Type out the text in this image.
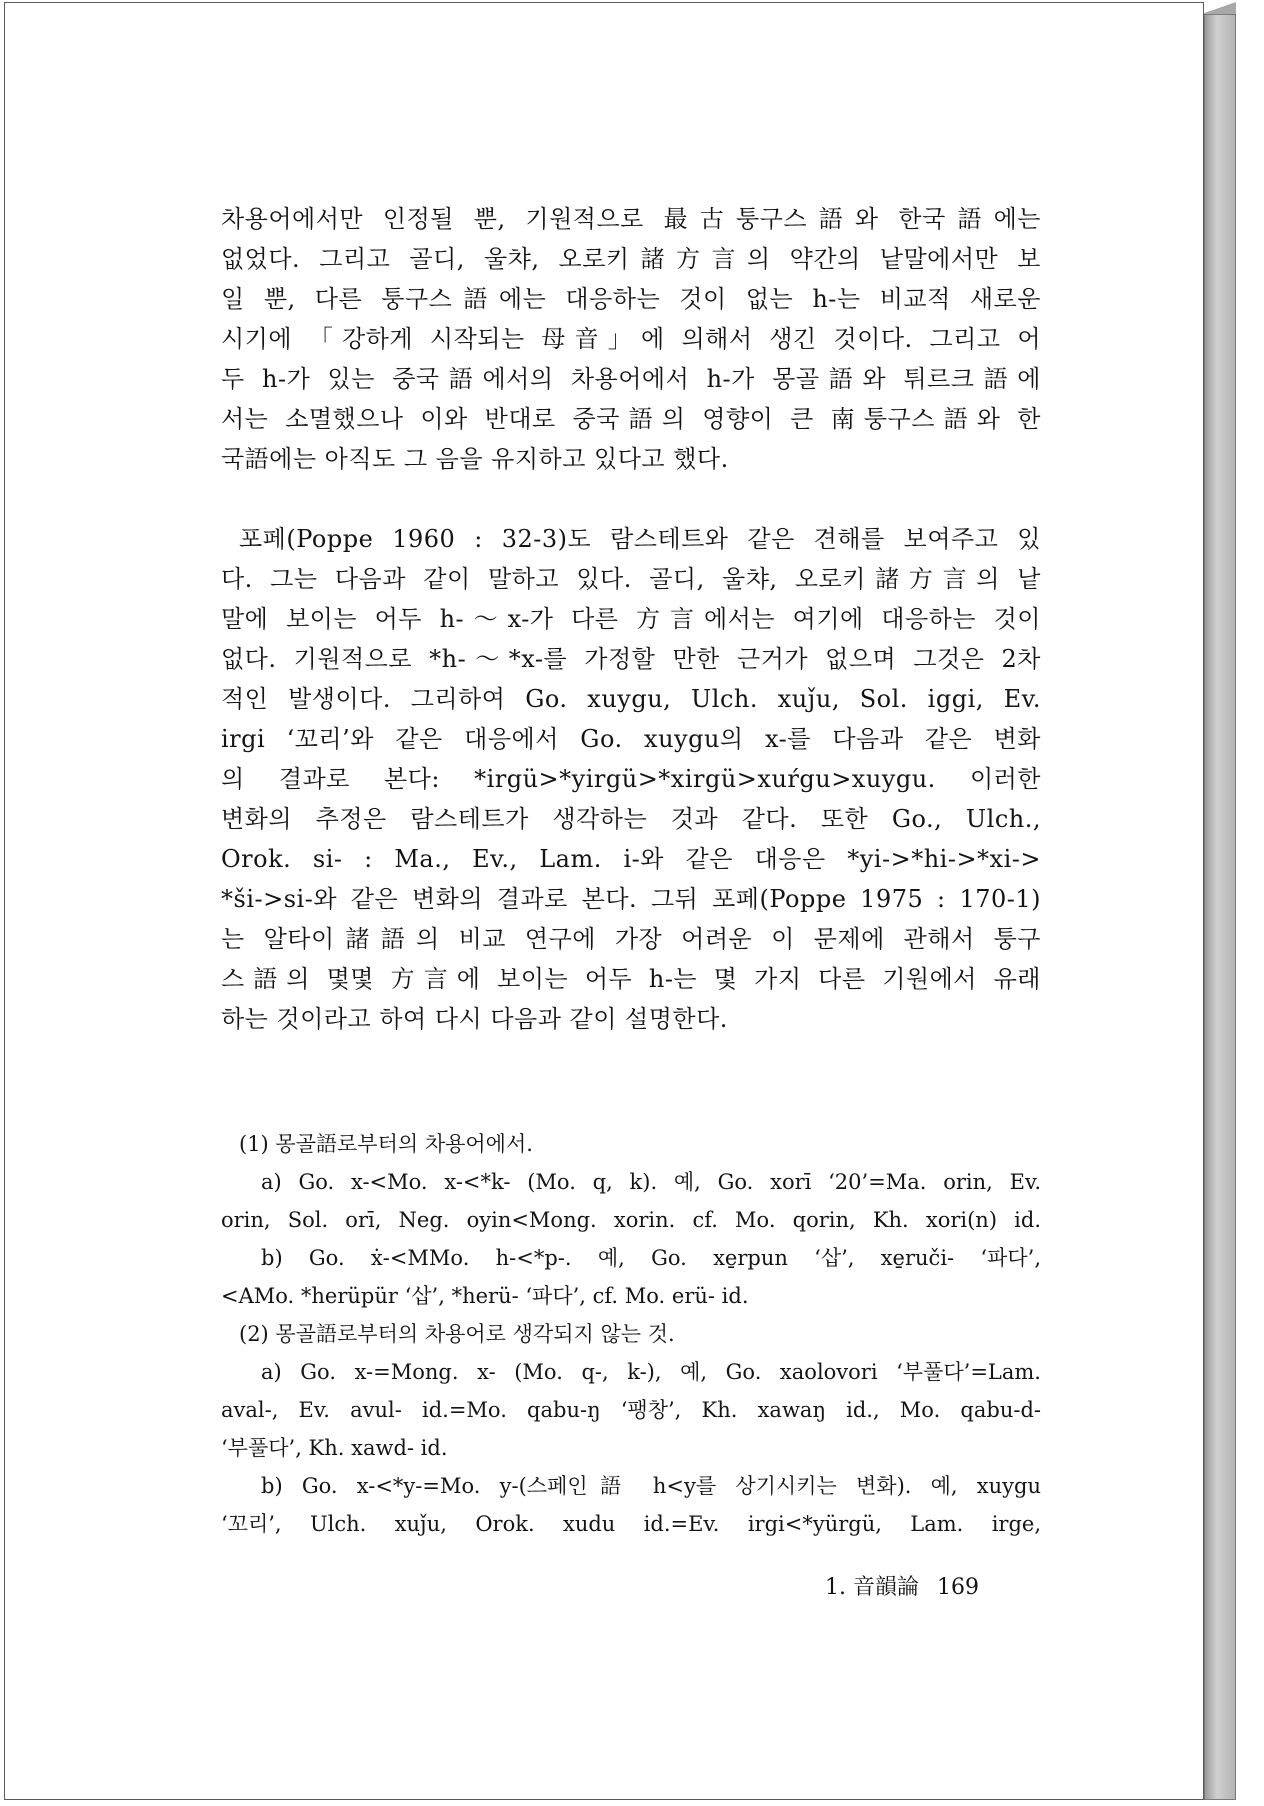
차용어에서만 인정될 뿐, 기원적으로 最古퉁구스語와 한국語에는
없었다. 그리고 골디, 울챠, 오로키諸方言의 약간의 낱말에서만 보
일 뿐, 다른 퉁구스語에는 대응하는 것이 없는 h-는 비교적 새로운
시기에 「강하게 시작되는 母音」에 의해서 생긴 것이다. 그리고 어
두 h-가 있는 중국語에서의 차용어에서 h-가 몽골語와 튀르크語에
서는 소멸했으나 이와 반대로 중국語의 영향이 큰 南퉁구스語와 한
국語에는 아직도 그 음을 유지하고 있다고 했다.
포페(Poppe 1960 : 32-3)도 람스테트와 같은 견해를 보여주고 있
다. 그는 다음과 같이 말하고 있다. 골디, 울챠, 오로키諸方言의 낱
말에 보이는 어두 h-～x-가 다른 方言에서는 여기에 대응하는 것이
없다. 기원적으로 *h-～*x-를 가정할 만한 근거가 없으며 그것은 2차
적인 발생이다. 그리하여 Go. xuygu, Ulch. xuǰu, Sol. iggi, Ev.
irgi ‘꼬리’와 같은 대응에서 Go. xuygu의 x-를 다음과 같은 변화
의 결과로 본다: *irgü>*yirgü>*xirgü>xuŕgu>xuygu. 이러한
변화의 추정은 람스테트가 생각하는 것과 같다. 또한 Go., Ulch.,
Orok. si- : Ma., Ev., Lam. i-와 같은 대응은 *yi->*hi->*xi->
*ši->si-와 같은 변화의 결과로 본다. 그뒤 포페(Poppe 1975 : 170-1)
는 알타이諸語의 비교 연구에 가장 어려운 이 문제에 관해서 퉁구
스語의 몇몇 方言에 보이는 어두 h-는 몇 가지 다른 기원에서 유래
하는 것이라고 하여 다시 다음과 같이 설명한다.
(1) 몽골語로부터의 차용어에서.
a) Go. x-<Mo. x-<*k- (Mo. q, k). 예, Go. xorī ‘20’=Ma. orin, Ev.
orin, Sol. orī, Neg. oyin<Mong. xorin. cf. Mo. qorin, Kh. xori(n) id.
b) Go. ẋ-<MMo. h-<*p-. 예, Go. xe̱rpun ‘삽’, xe̱ruči- ‘파다’,
<AMo. *herüpür ‘삽’, *herü- ‘파다’, cf. Mo. erü- id.
(2) 몽골語로부터의 차용어로 생각되지 않는 것.
a) Go. x-=Mong. x- (Mo. q-, k-), 예, Go. xaolovori ‘부풀다’=Lam.
aval-, Ev. avul- id.=Mo. qabu-ŋ ‘팽창’, Kh. xawaŋ id., Mo. qabu-d-
‘부풀다’, Kh. xawd- id.
b) Go. x-<*y-=Mo. y-(스페인語 h<y를 상기시키는 변화). 예, xuygu
‘꼬리’, Ulch. xuǰu, Orok. xudu id.=Ev. irgi<*yürgü, Lam. irge,
1. 音韻論 169
